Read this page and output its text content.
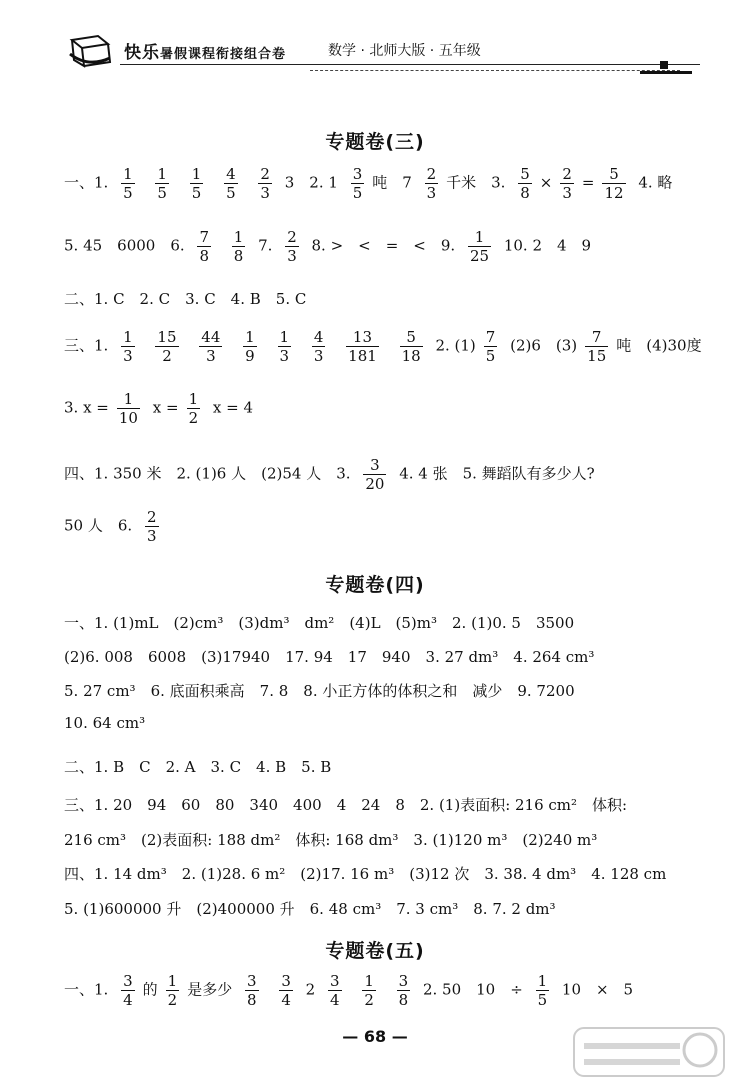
快乐暑假课程衔接组合卷	数学 · 北师大版 · 五年级
专题卷(三)
一、1. $\frac{1}{5}$
$\frac{1}{5}$
$\frac{1}{5}$
$\frac{4}{5}$
$\frac{2}{3} 3$　2. $1 \frac{3}{5}$ 吨　$7 \frac{2}{3}$ 千米　3. $\frac{5}{8} \times \frac{2}{3} = \frac{5}{12} 4$. 略
5. 45　6000　6. $\frac{7}{8}$
$\frac{1}{8} 7$. $\frac{2}{3} 8$. >　<　=　<　9. $\frac{1}{25} 10$. 2　4　9
二、1. C　2. C　3. C　4. B　5. C
三、1. $\frac{1}{3}$
$\frac{15}{2}$
$\frac{44}{3}$
$\frac{1}{9}$
$\frac{1}{3}$
$\frac{4}{3}$
$\frac{13}{181}$
$\frac{5}{18} 2$. $(1) \frac{7}{5} (2)6$　$(3) \frac{7}{15}$ 吨　(4)30度
3. $x = \frac{1}{10}$ $x = \frac{1}{2}$ x = 4
四、1. 350 米　2. (1)6 人　(2)54 人　3. $\frac{3}{20} 4$. 4 张　5. 舞蹈队有多少人?
50 人　6. $\frac{2}{3}$
专题卷(四)
一、1. (1)mL　(2)cm³　(3)dm³　dm²　(4)L　(5)m³　2. (1)0. 5　3500
(2)6. 008　6008　(3)17940　17. 94　17　940　3. 27 dm³　4. 264 cm³
5. 27 cm³　6. 底面积乘高　7. 8　8. 小正方体的体积之和　减少　9. 7200
10. 64 cm³
二、1. B　C　2. A　3. C　4. B　5. B
三、1. 20　94　60　80　340　400　4　24　8　2. (1)表面积: 216 cm²　体积:
216 cm³　(2)表面积: 188 dm²　体积: 168 dm³　3. (1)120 m³　(2)240 m³
四、1. 14 dm³　2. (1)28. 6 m²　(2)17. 16 m³　(3)12 次　3. 38. 4 dm³　4. 128 cm
5. (1)600000 升　(2)400000 升　6. 48 cm³　7. 3 cm³　8. 7. 2 dm³
专题卷(五)
一、1. $\frac{3}{4}$ 的 $\frac{1}{2}$ 是多少 $\frac{3}{8}$
$\frac{3}{4} 2 \frac{3}{4}$
$\frac{1}{2}$
$\frac{3}{8} 2$. 50　10　÷ $\frac{1}{5} 10$　×　5
— 68 —
